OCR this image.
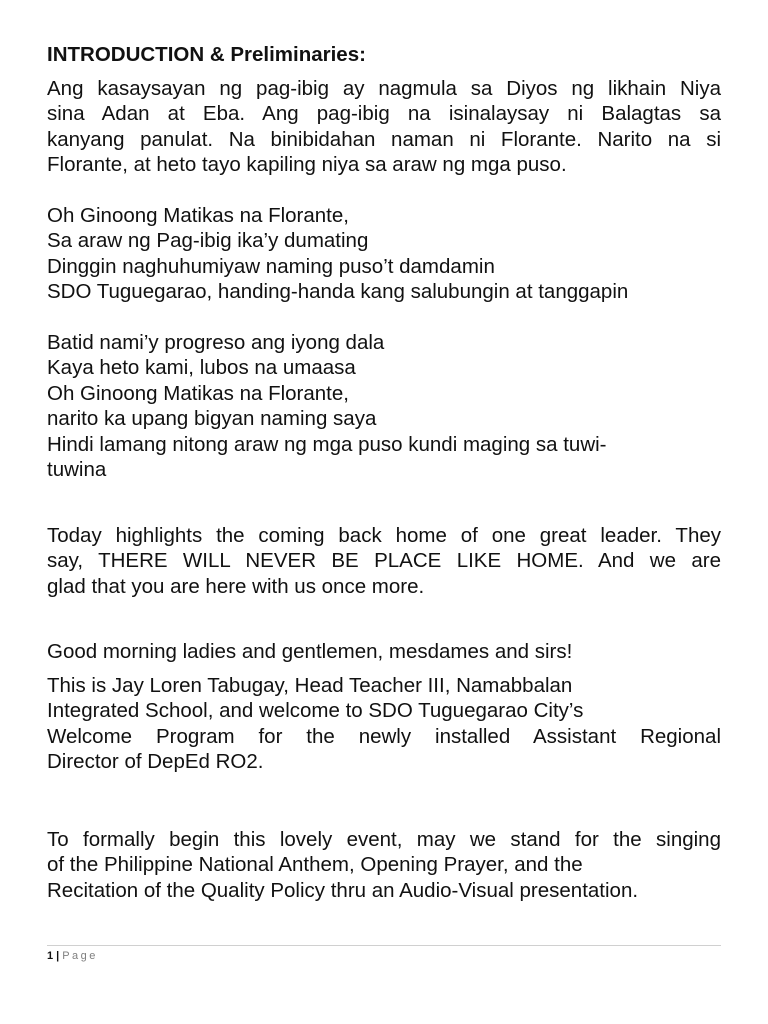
INTRODUCTION & Preliminaries:
Ang kasaysayan ng pag-ibig ay nagmula sa Diyos ng likhain Niya
sina Adan at Eba. Ang pag-ibig na isinalaysay ni Balagtas sa
kanyang panulat. Na binibidahan naman ni Florante. Narito na si
Florante, at heto tayo kapiling niya sa araw ng mga puso.
Oh Ginoong Matikas na Florante,
Sa araw ng Pag-ibig ika’y dumating
Dinggin naghuhumiyaw naming puso’t damdamin
SDO Tuguegarao, handing-handa kang salubungin at tanggapin
Batid nami’y progreso ang iyong dala
Kaya heto kami, lubos na umaasa
Oh Ginoong Matikas na Florante,
narito ka upang bigyan naming saya
Hindi lamang nitong araw ng mga puso kundi maging sa tuwi-
tuwina
Today highlights the coming back home of one great leader. They
say, THERE WILL NEVER BE PLACE LIKE HOME. And we are
glad that you are here with us once more.
Good morning ladies and gentlemen, mesdames and sirs!
This is Jay Loren Tabugay, Head Teacher III, Namabbalan
Integrated School, and welcome to SDO Tuguegarao City’s
Welcome Program for the newly installed Assistant Regional
Director of DepEd RO2.
To formally begin this lovely event, may we stand for the singing
of the Philippine National Anthem, Opening Prayer, and the
Recitation of the Quality Policy thru an Audio-Visual presentation.
1 | Page
